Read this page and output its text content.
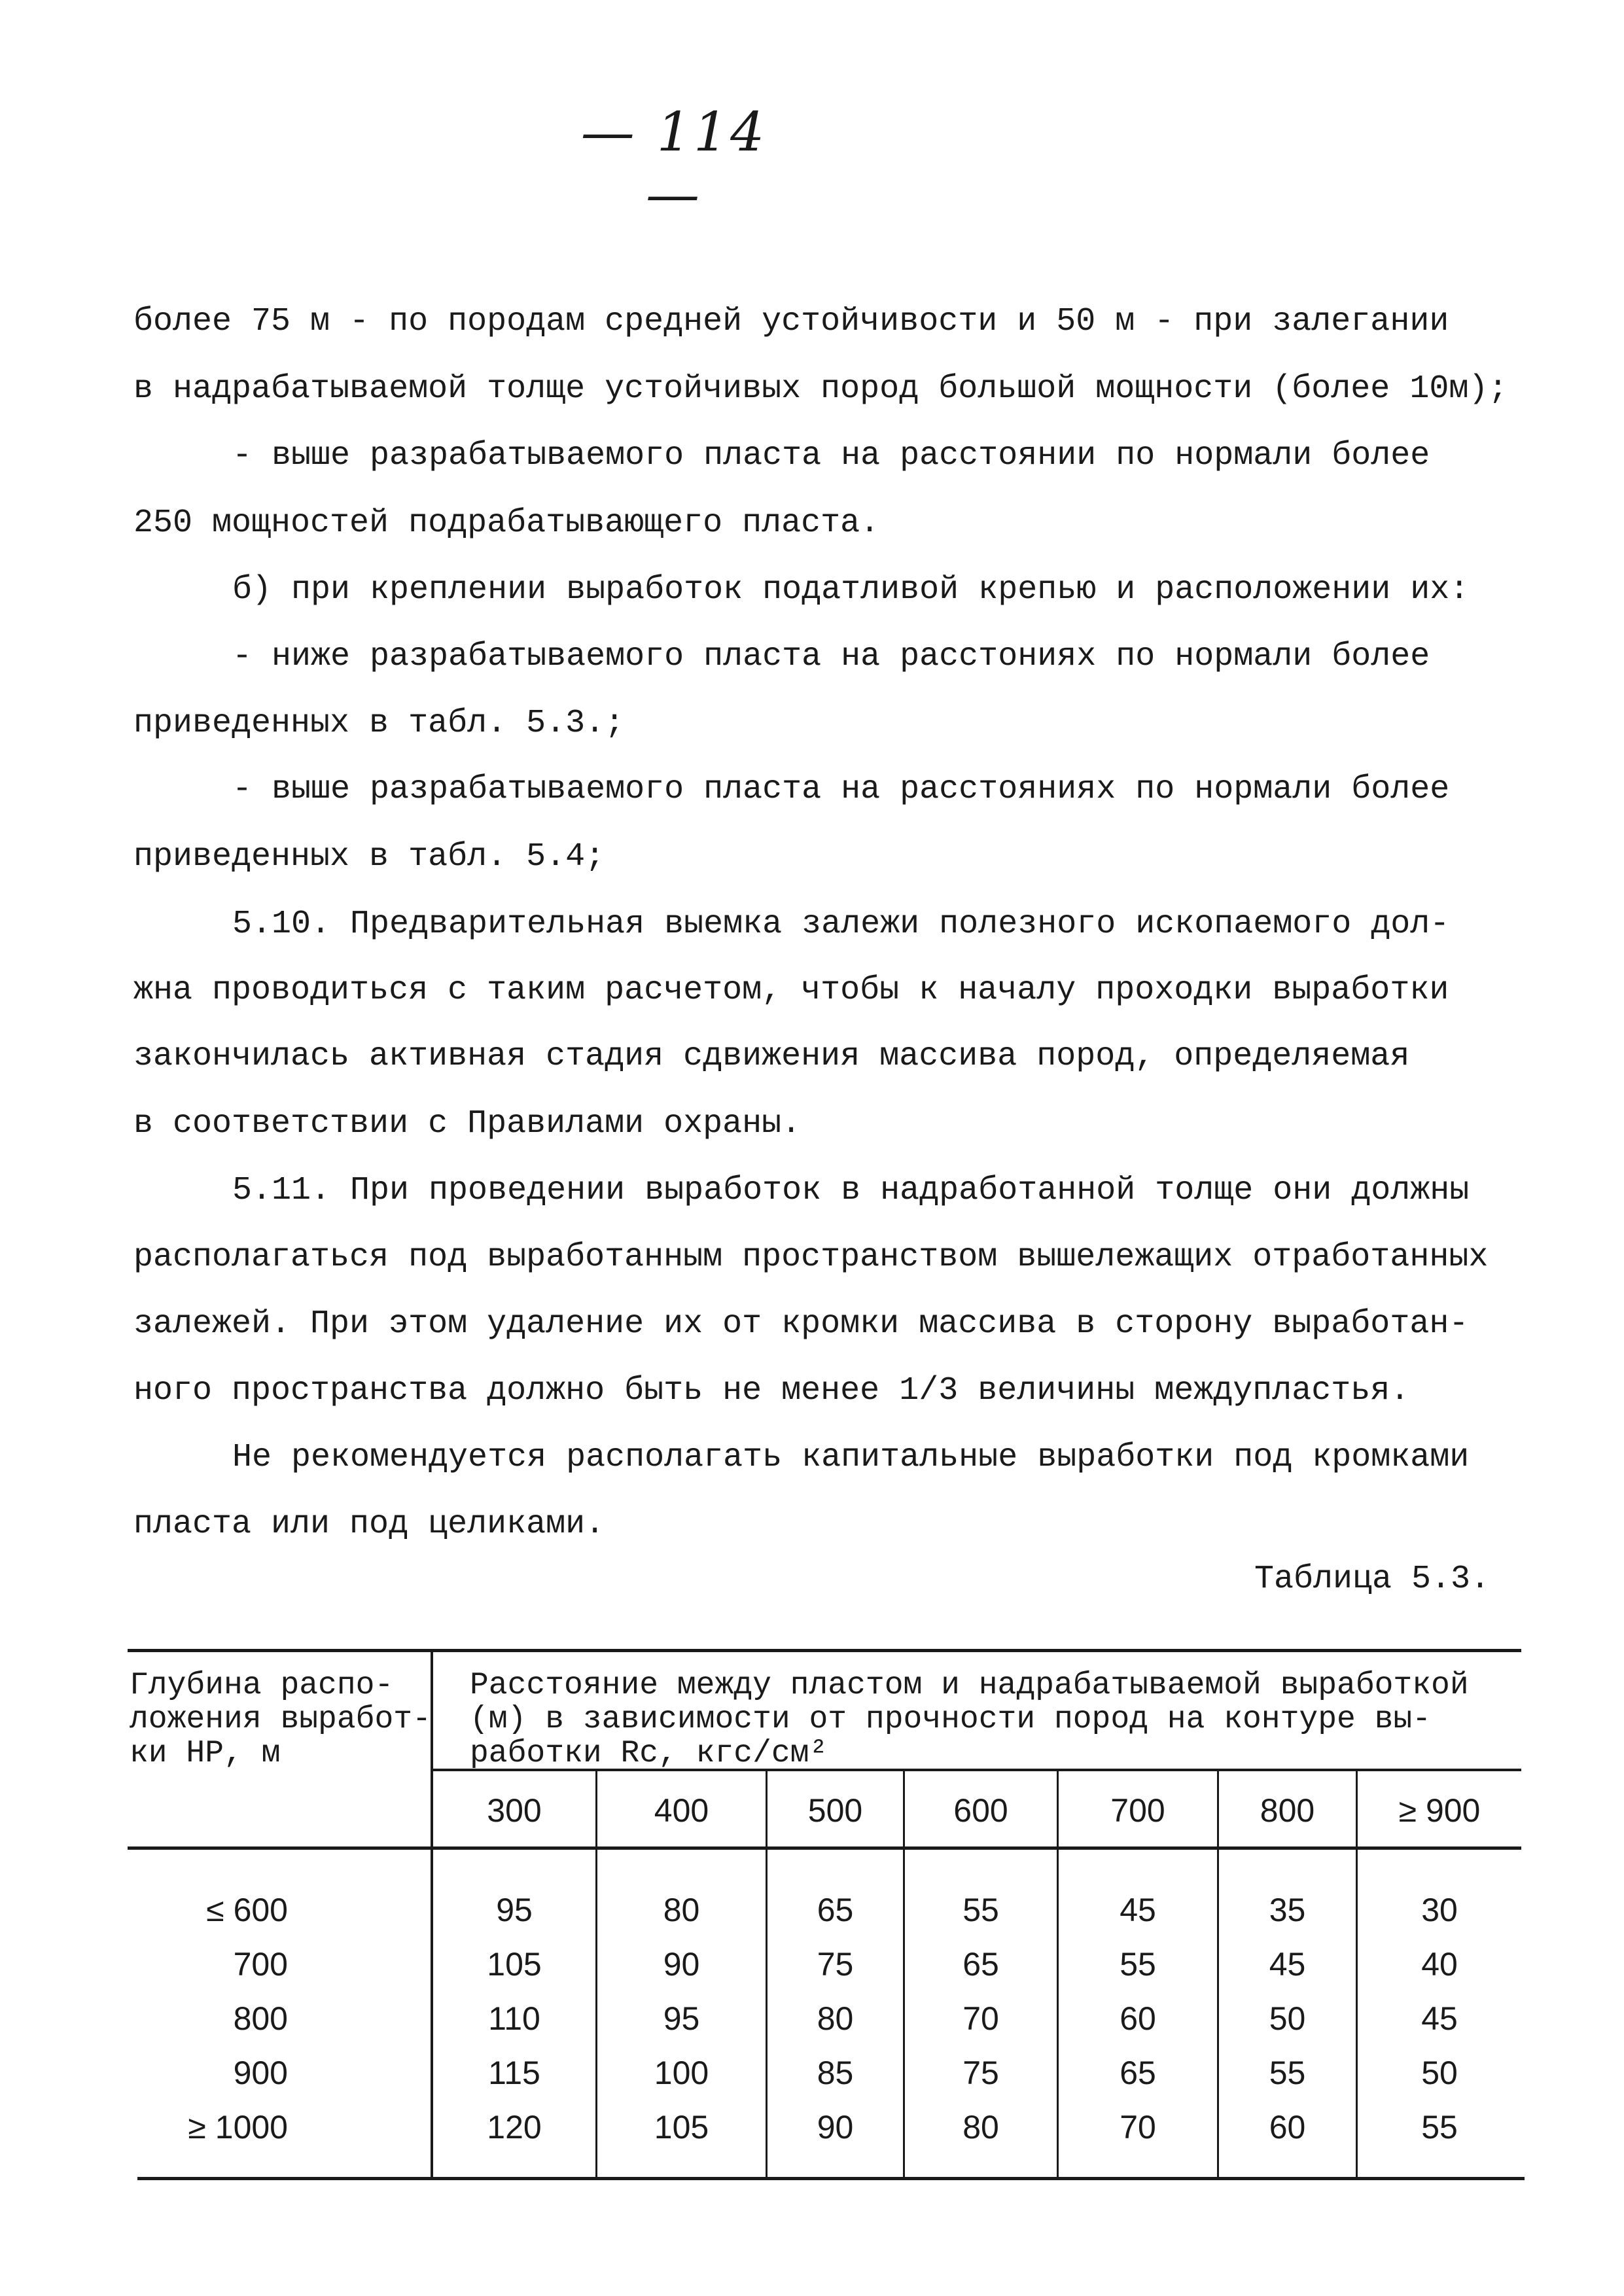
— 114 —
более 75 м - по породам средней устойчивости и 50 м - при залегании
в надрабатываемой толще устойчивых пород большой мощности (более 10м);
- выше разрабатываемого пласта на расстоянии по нормали более
250 мощностей подрабатывающего пласта.
б) при креплении выработок податливой крепью и расположении их:
- ниже разрабатываемого пласта на расстониях по нормали более
приведенных в табл. 5.3.;
- выше разрабатываемого пласта на расстояниях по нормали более
приведенных в табл. 5.4;
5.10. Предварительная выемка залежи полезного ископаемого дол-
жна проводиться с таким расчетом, чтобы к началу проходки выработки
закончилась активная стадия сдвижения массива пород, определяемая
в соответствии с Правилами охраны.
5.11. При проведении выработок в надработанной толще они должны
располагаться под выработанным пространством вышележащих отработанных
залежей. При этом удаление их от кромки массива в сторону выработан-
ного пространства должно быть не менее 1/3 величины междупластья.
Не рекомендуется располагать капитальные выработки под кромками
пласта или под целиками.
Таблица 5.3.
Глубина распо-
ложения выработ-
ки HP, м
Расстояние между пластом и надрабатываемой выработкой
(м) в зависимости от прочности пород на контуре вы-
работки Rc, кгс/см²
300	400	500	600	700	800	≥ 900
≤ 600	95	80	65	55	45	35	30
700	105	90	75	65	55	45	40
800	110	95	80	70	60	50	45
900	115	100	85	75	65	55	50
≥ 1000	120	105	90	80	70	60	55
